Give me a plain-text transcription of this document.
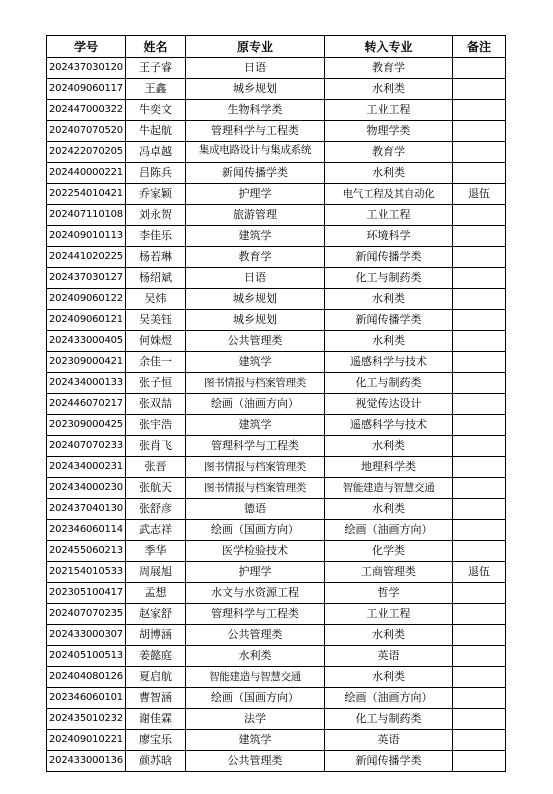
学号	姓名	原专业	转入专业	备注
202437030120	王子睿	日语	教育学	
202409060117	王鑫	城乡规划	水利类	
202447000322	牛奕文	生物科学类	工业工程	
202407070520	牛起航	管理科学与工程类	物理学类	
202422070205	冯卓越	集成电路设计与集成系统	教育学	
202440000221	吕陈兵	新闻传播学类	水利类	
202254010421	乔家颖	护理学	电气工程及其自动化	退伍
202407110108	刘永贺	旅游管理	工业工程	
202409010113	李佳乐	建筑学	环境科学	
202441020225	杨若琳	教育学	新闻传播学类	
202437030127	杨绍斌	日语	化工与制药类	
202409060122	吴炜	城乡规划	水利类	
202409060121	吴美钰	城乡规划	新闻传播学类	
202433000405	何姝煜	公共管理类	水利类	
202309000421	余佳一	建筑学	遥感科学与技术	
202434000133	张子恒	图书情报与档案管理类	化工与制药类	
202446070217	张双喆	绘画（油画方向）	视觉传达设计	
202309000425	张宇浩	建筑学	遥感科学与技术	
202407070233	张肖飞	管理科学与工程类	水利类	
202434000231	张晋	图书情报与档案管理类	地理科学类	
202434000230	张航天	图书情报与档案管理类	智能建造与智慧交通	
202437040130	张舒彦	德语	水利类	
202346060114	武志祥	绘画（国画方向）	绘画（油画方向）	
202455060213	季华	医学检验技术	化学类	
202154010533	周展旭	护理学	工商管理类	退伍
202305100417	孟想	水文与水资源工程	哲学	
202407070235	赵家舒	管理科学与工程类	工业工程	
202433000307	胡博涵	公共管理类	水利类	
202405100513	姜懿庭	水利类	英语	
202404080126	夏启航	智能建造与智慧交通	水利类	
202346060101	曹智涵	绘画（国画方向）	绘画（油画方向）	
202435010232	谢佳霖	法学	化工与制药类	
202409010221	廖宝乐	建筑学	英语	
202433000136	颜苏晗	公共管理类	新闻传播学类	
